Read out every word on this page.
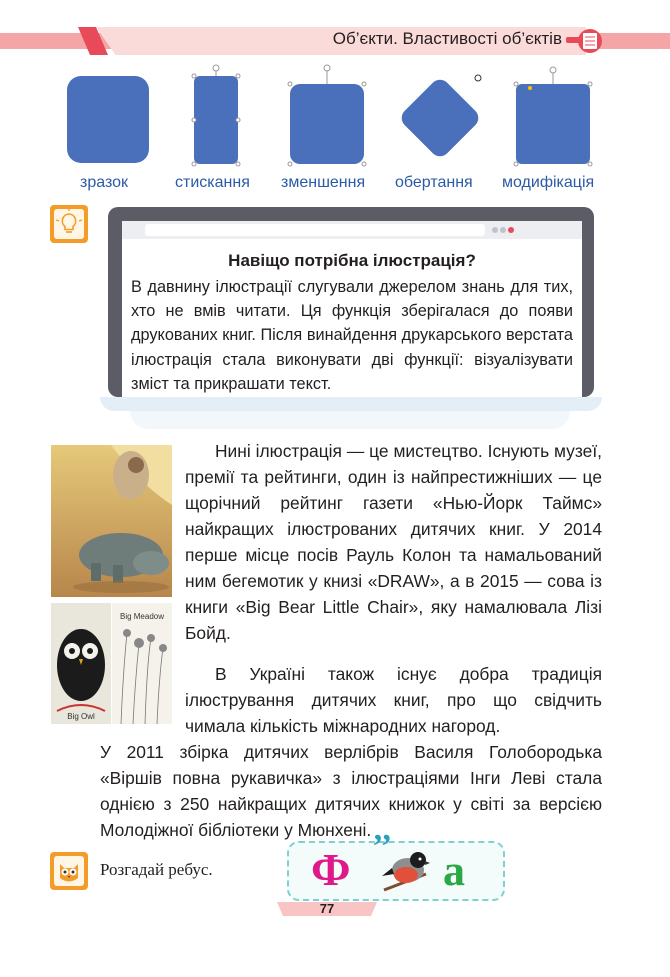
Об’єкти. Властивості об’єктів
зразок	стискання зменшення обертання модифікація
Навіщо потрібна ілюстрація?

В давнину ілюстрації слугували джерелом знань для тих, хто не вмів читати. Ця функція зберігалася до появи друкованих книг. Після винайдення друкарського верстата ілюстрація стала виконувати дві функції: візуалізувати зміст та прикрашати текст.

Big Owl
Big Meadow

Нині ілюстрація — це мистецтво. Існують музеї, премії та рейтинги, один із найпрестижніших — це щорічний рейтинг газети «Нью-Йорк Таймс» найкращих ілюстрованих дитячих книг. У 2014 перше місце посів Рауль Колон та намальований ним бегемотик у книзі «DRAW», а в 2015 — сова із книги «Big Bear Little Chair», яку намалювала Лізі Бойд.

В Україні також існує добра традиція ілюстрування дитячих книг, про що свідчить чимала кількість міжнародних нагород.

У 2011 збірка дитячих верлібрів Василя Голобородька «Віршів повна рукавичка» з ілюстраціями Інги Леві стала однією з 250 найкращих дитячих книжок у світі за версією Молодіжної бібліотеки у Мюнхені.

Розгадай ребус. Ф ’’ а
77
